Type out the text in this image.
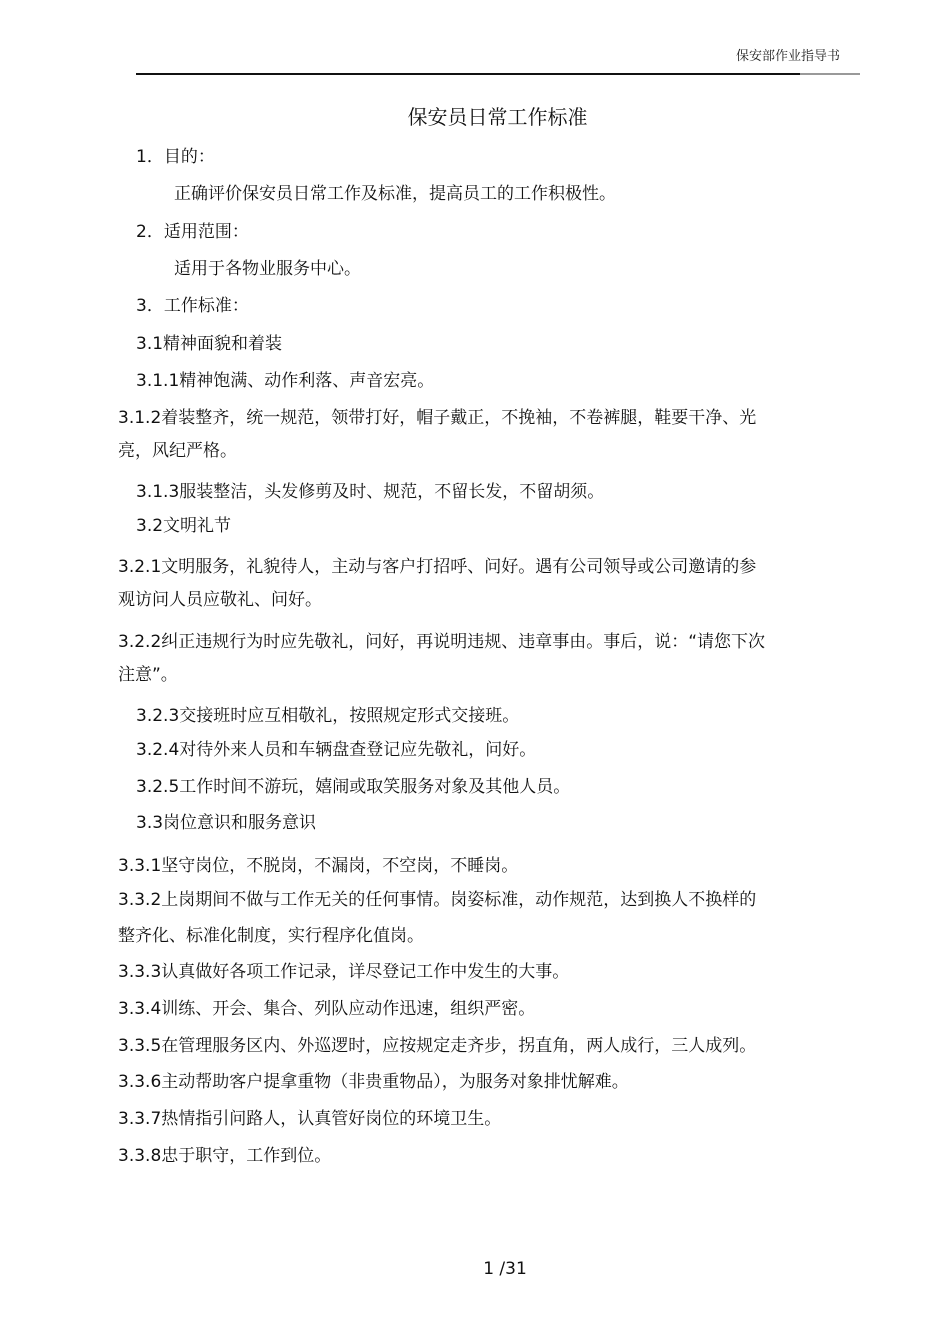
保安部作业指导书
保安员日常工作标准
1．目的：
正确评价保安员日常工作及标准，提高员工的工作积极性。
2．适用范围：
适用于各物业服务中心。
3．工作标准：
3.1精神面貌和着装
3.1.1精神饱满、动作利落、声音宏亮。
3.1.2着装整齐，统一规范，领带打好，帽子戴正，不挽袖，不卷裤腿，鞋要干净、光
亮，风纪严格。
3.1.3服装整洁，头发修剪及时、规范，不留长发，不留胡须。
3.2文明礼节
3.2.1文明服务，礼貌待人，主动与客户打招呼、问好。遇有公司领导或公司邀请的参
观访问人员应敬礼、问好。
3.2.2纠正违规行为时应先敬礼，问好，再说明违规、违章事由。事后，说：“请您下次
注意”。
3.2.3交接班时应互相敬礼，按照规定形式交接班。
3.2.4对待外来人员和车辆盘查登记应先敬礼，问好。
3.2.5工作时间不游玩，嬉闹或取笑服务对象及其他人员。
3.3岗位意识和服务意识
3.3.1坚守岗位，不脱岗，不漏岗，不空岗，不睡岗。
3.3.2上岗期间不做与工作无关的任何事情。岗姿标准，动作规范，达到换人不换样的
整齐化、标准化制度，实行程序化值岗。
3.3.3认真做好各项工作记录，详尽登记工作中发生的大事。
3.3.4训练、开会、集合、列队应动作迅速，组织严密。
3.3.5在管理服务区内、外巡逻时，应按规定走齐步，拐直角，两人成行，三人成列。
3.3.6主动帮助客户提拿重物（非贵重物品），为服务对象排忧解难。
3.3.7热情指引问路人，认真管好岗位的环境卫生。
3.3.8忠于职守，工作到位。
1 /31
